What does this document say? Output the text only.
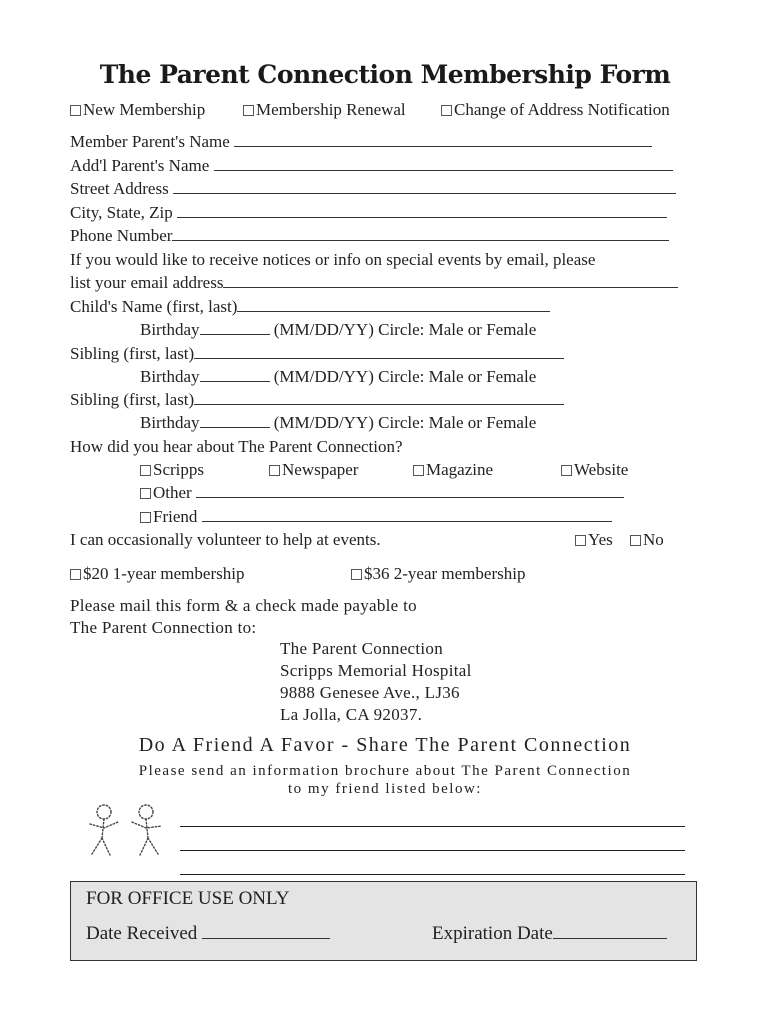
The Parent Connection Membership Form
New Membership	Membership Renewal	Change of Address Notification
Member Parent's Name
Add'l Parent's Name
Street Address
City, State, Zip
Phone Number
If you would like to receive notices or info on special events by email, please
list your email address
Child's Name (first, last)
Birthday	(MM/DD/YY) Circle: Male or Female
Sibling (first, last)
Birthday	(MM/DD/YY) Circle: Male or Female
Sibling (first, last)
Birthday	(MM/DD/YY) Circle: Male or Female
How did you hear about The Parent Connection?
Scripps	Newspaper	Magazine	Website
Other
Friend
I can occasionally volunteer to help at events.	Yes	No
$20 1-year membership	$36 2-year membership
Please mail this form & a check made payable to
The Parent Connection to:
The Parent Connection
Scripps Memorial Hospital
9888 Genesee Ave., LJ36
La Jolla, CA 92037.
Do A Friend A Favor - Share The Parent Connection
Please send an information brochure about The Parent Connection
to my friend listed below:
FOR OFFICE USE ONLY
Date Received	Expiration Date
